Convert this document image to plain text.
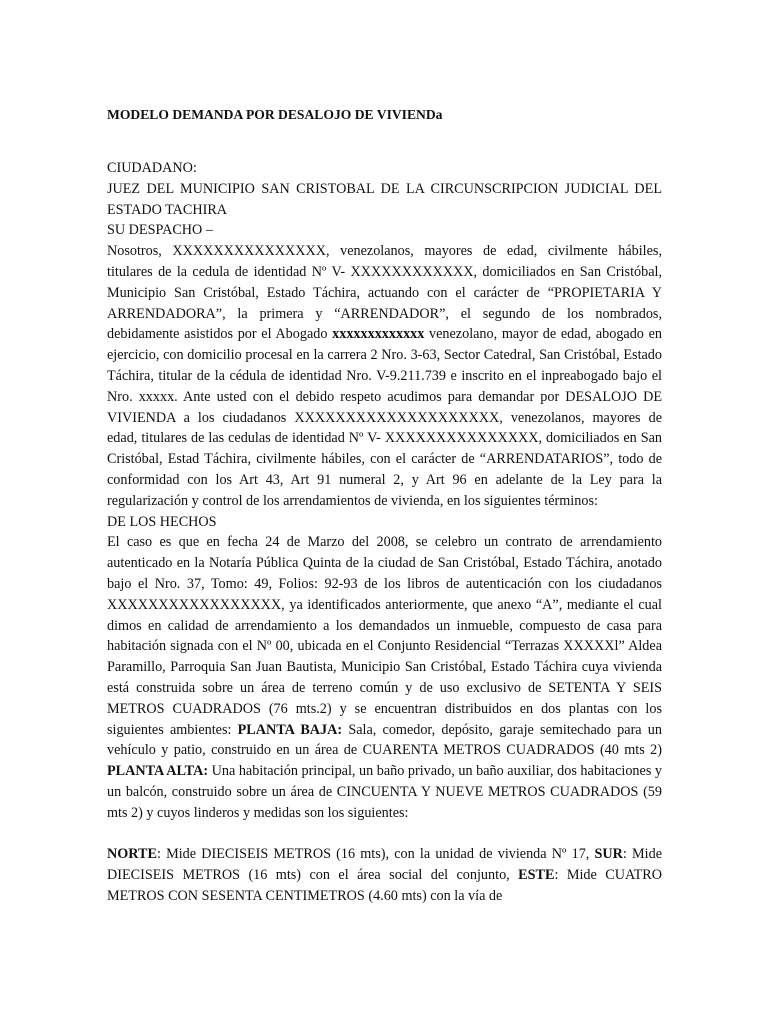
MODELO DEMANDA POR DESALOJO DE VIVIENDa

CIUDADANO:
JUEZ DEL MUNICIPIO SAN CRISTOBAL DE LA CIRCUNSCRIPCION JUDICIAL DEL ESTADO TACHIRA
SU DESPACHO –

Nosotros, XXXXXXXXXXXXXXX, venezolanos, mayores de edad, civilmente hábiles, titulares de la cedula de identidad Nº V- XXXXXXXXXXXX, domiciliados en San Cristóbal, Municipio San Cristóbal, Estado Táchira, actuando con el carácter de “PROPIETARIA Y ARRENDADORA”, la primera y “ARRENDADOR”, el segundo de los nombrados, debidamente asistidos por el Abogado xxxxxxxxxxxxx venezolano, mayor de edad, abogado en ejercicio, con domicilio procesal en la carrera 2 Nro. 3-63, Sector Catedral, San Cristóbal, Estado Táchira, titular de la cédula de identidad Nro. V-9.211.739 e inscrito en el inpreabogado bajo el Nro. xxxxx. Ante usted con el debido respeto acudimos para demandar por DESALOJO DE VIVIENDA a los ciudadanos XXXXXXXXXXXXXXXXXXXX, venezolanos, mayores de edad, titulares de las cedulas de identidad Nº V- XXXXXXXXXXXXXXX, domiciliados en San Cristóbal, Estad Táchira, civilmente hábiles, con el carácter de “ARRENDATARIOS”, todo de conformidad con los Art 43, Art 91 numeral 2, y Art 96 en adelante de la Ley para la regularización y control de los arrendamientos de vivienda, en los siguientes términos:

DE LOS HECHOS

El caso es que en fecha 24 de Marzo del 2008, se celebro un contrato de arrendamiento autenticado en la Notaría Pública Quinta de la ciudad de San Cristóbal, Estado Táchira, anotado bajo el Nro. 37, Tomo: 49, Folios: 92-93 de los libros de autenticación con los ciudadanos XXXXXXXXXXXXXXXXX, ya identificados anteriormente, que anexo “A”, mediante el cual dimos en calidad de arrendamiento a los demandados un inmueble, compuesto de casa para habitación signada con el Nº 00, ubicada en el Conjunto Residencial “Terrazas XXXXXl” Aldea Paramillo, Parroquia San Juan Bautista, Municipio San Cristóbal, Estado Táchira cuya vivienda está construida sobre un área de terreno común y de uso exclusivo de SETENTA Y SEIS METROS CUADRADOS (76 mts.2) y se encuentran distribuidos en dos plantas con los siguientes ambientes: PLANTA BAJA: Sala, comedor, depósito, garaje semitechado para un vehículo y patio, construido en un área de CUARENTA METROS CUADRADOS (40 mts 2) PLANTA ALTA: Una habitación principal, un baño privado, un baño auxiliar, dos habitaciones y un balcón, construido sobre un área de CINCUENTA Y NUEVE METROS CUADRADOS (59 mts 2) y cuyos linderos y medidas son los siguientes:

NORTE: Mide DIECISEIS METROS (16 mts), con la unidad de vivienda Nº 17, SUR: Mide DIECISEIS METROS (16 mts) con el área social del conjunto, ESTE: Mide CUATRO METROS CON SESENTA CENTIMETROS (4.60 mts) con la vía de
